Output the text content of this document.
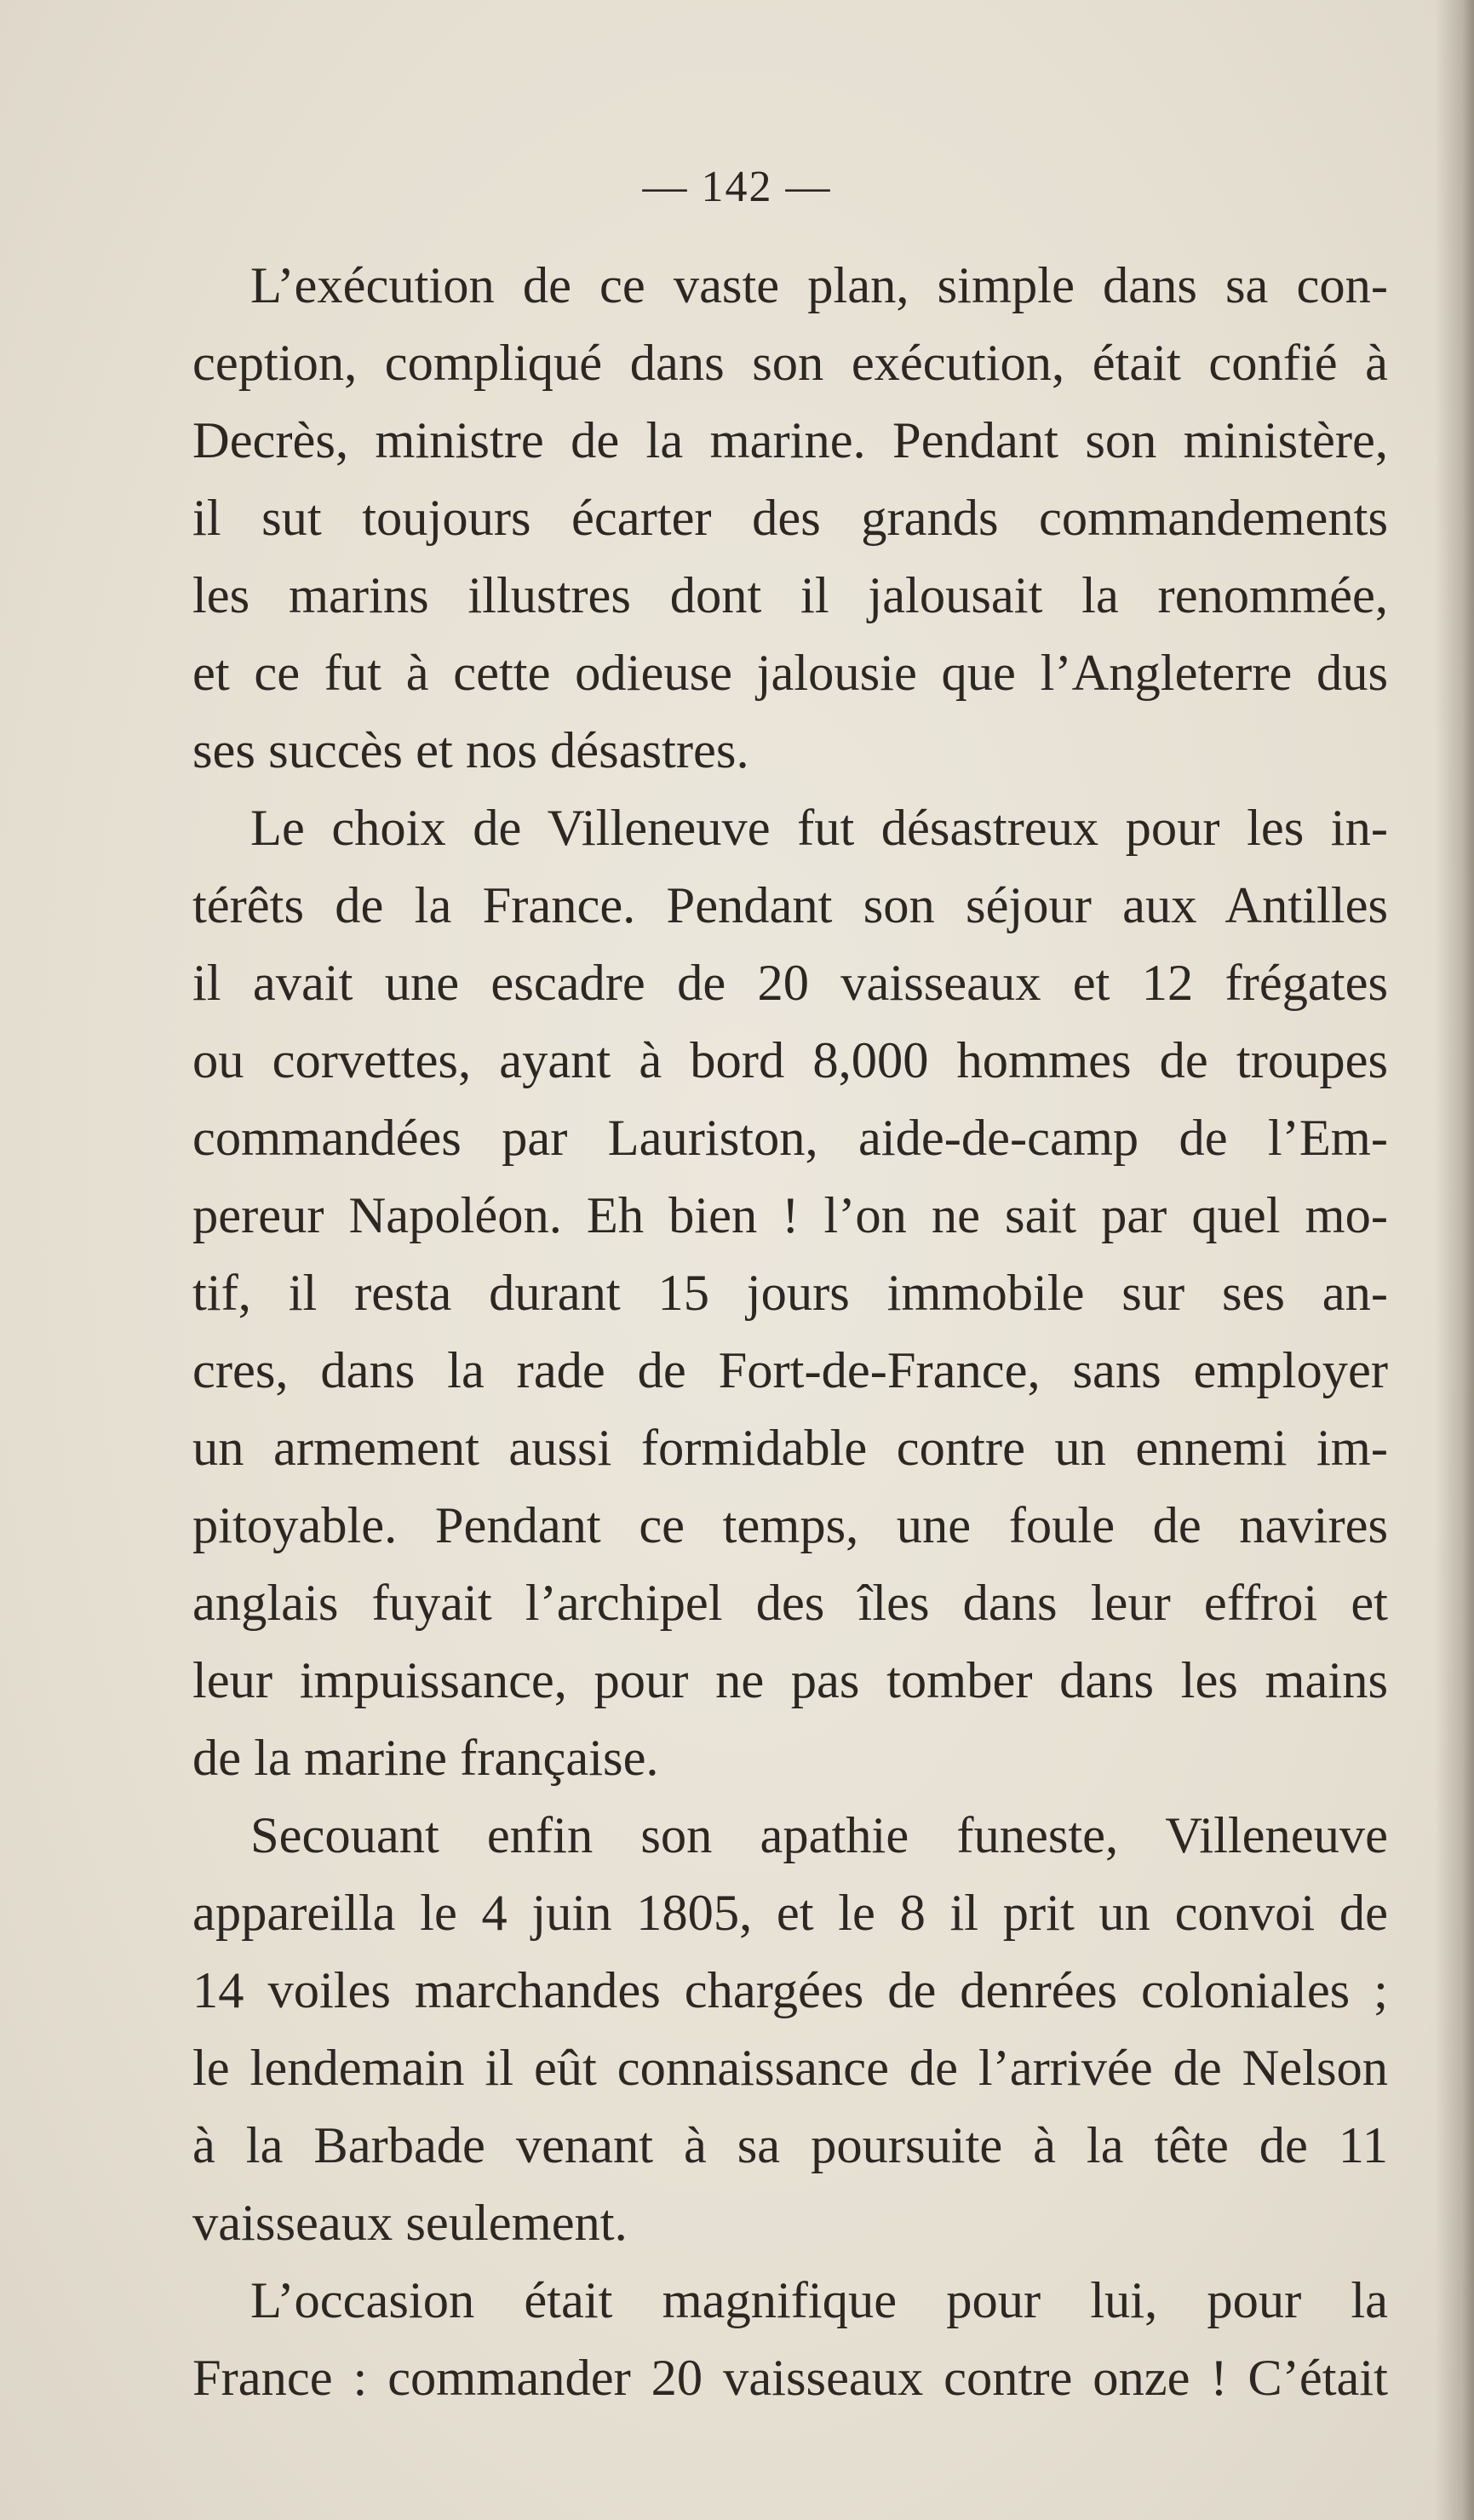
— 142 —
L’exécution de ce vaste plan, simple dans sa con-
ception, compliqué dans son exécution, était confié à
Decrès, ministre de la marine. Pendant son ministère,
il sut toujours écarter des grands commandements
les marins illustres dont il jalousait la renommée,
et ce fut à cette odieuse jalousie que l’Angleterre dus
ses succès et nos désastres.
Le choix de Villeneuve fut désastreux pour les in-
térêts de la France. Pendant son séjour aux Antilles
il avait une escadre de 20 vaisseaux et 12 frégates
ou corvettes, ayant à bord 8,000 hommes de troupes
commandées par Lauriston, aide-de-camp de l’Em-
pereur Napoléon. Eh bien ! l’on ne sait par quel mo-
tif, il resta durant 15 jours immobile sur ses an-
cres, dans la rade de Fort-de-France, sans employer
un armement aussi formidable contre un ennemi im-
pitoyable. Pendant ce temps, une foule de navires
anglais fuyait l’archipel des îles dans leur effroi et
leur impuissance, pour ne pas tomber dans les mains
de la marine française.
Secouant enfin son apathie funeste, Villeneuve
appareilla le 4 juin 1805, et le 8 il prit un convoi de
14 voiles marchandes chargées de denrées coloniales ;
le lendemain il eût connaissance de l’arrivée de Nelson
à la Barbade venant à sa poursuite à la tête de 11
vaisseaux seulement.
L’occasion était magnifique pour lui, pour la
France : commander 20 vaisseaux contre onze ! C’était
